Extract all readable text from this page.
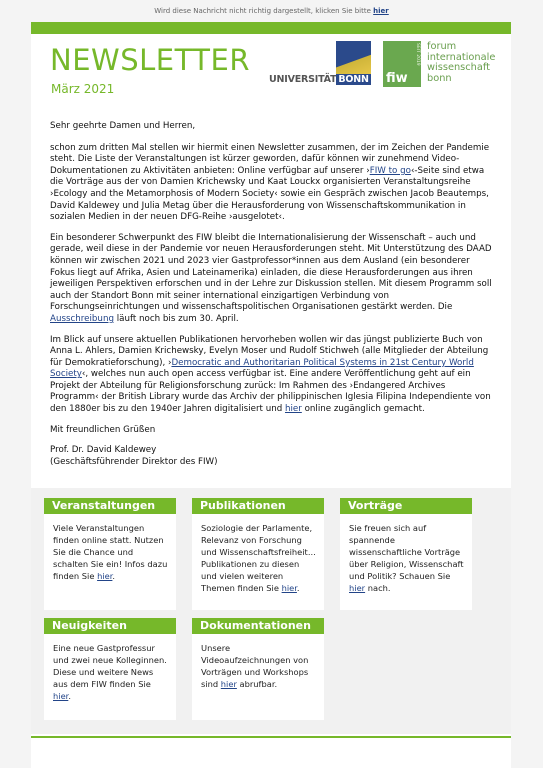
Wird diese Nachricht nicht richtig dargestellt, klicken Sie bitte hier
NEWSLETTER
März 2021
UNIVERSITÄT BONN
SEIT 2019
fiw
forum
internationale
wissenschaft
bonn

Sehr geehrte Damen und Herren,

schon zum dritten Mal stellen wir hiermit einen Newsletter zusammen, der im Zeichen der Pandemie steht. Die Liste der Veranstaltungen ist kürzer geworden, dafür können wir zunehmend Video-Dokumentationen zu Aktivitäten anbieten: Online verfügbar auf unserer ›FIW to go‹-Seite sind etwa die Vorträge aus der von Damien Krichewsky und Kaat Louckx organisierten Veranstaltungsreihe ›Ecology and the Metamorphosis of Modern Society‹ sowie ein Gespräch zwischen Jacob Beautemps, David Kaldewey und Julia Metag über die Herausforderung von Wissenschaftskommunikation in sozialen Medien in der neuen DFG-Reihe ›ausgelotet‹.

Ein besonderer Schwerpunkt des FIW bleibt die Internationalisierung der Wissenschaft – auch und gerade, weil diese in der Pandemie vor neuen Herausforderungen steht. Mit Unterstützung des DAAD können wir zwischen 2021 und 2023 vier Gastprofessor*innen aus dem Ausland (ein besonderer Fokus liegt auf Afrika, Asien und Lateinamerika) einladen, die diese Herausforderungen aus ihren jeweiligen Perspektiven erforschen und in der Lehre zur Diskussion stellen. Mit diesem Programm soll auch der Standort Bonn mit seiner international einzigartigen Verbindung von Forschungseinrichtungen und wissenschaftspolitischen Organisationen gestärkt werden. Die Ausschreibung läuft noch bis zum 30. April.

Im Blick auf unsere aktuellen Publikationen hervorheben wollen wir das jüngst publizierte Buch von Anna L. Ahlers, Damien Krichewsky, Evelyn Moser und Rudolf Stichweh (alle Mitglieder der Abteilung für Demokratieforschung), ›Democratic and Authoritarian Political Systems in 21st Century World Society‹, welches nun auch open access verfügbar ist. Eine andere Veröffentlichung geht auf ein Projekt der Abteilung für Religionsforschung zurück: Im Rahmen des ›Endangered Archives Programm‹ der British Library wurde das Archiv der philippinischen Iglesia Filipina Independiente von den 1880er bis zu den 1940er Jahren digitalisiert und hier online zugänglich gemacht.

Mit freundlichen Grüßen

Prof. Dr. David Kaldewey
(Geschäftsführender Direktor des FIW)
Veranstaltungen
Viele Veranstaltungen finden online statt. Nutzen Sie die Chance und schalten Sie ein! Infos dazu finden Sie hier.
Publikationen
Soziologie der Parlamente, Relevanz von Forschung und Wissenschaftsfreiheit... Publikationen zu diesen und vielen weiteren Themen finden Sie hier.
Vorträge
Sie freuen sich auf spannende wissenschaftliche Vorträge über Religion, Wissenschaft und Politik? Schauen Sie hier nach.
Neuigkeiten
Eine neue Gastprofessur und zwei neue Kolleginnen. Diese und weitere News aus dem FIW finden Sie hier.
Dokumentationen
Unsere Videoaufzeichnungen von Vorträgen und Workshops sind hier abrufbar.
